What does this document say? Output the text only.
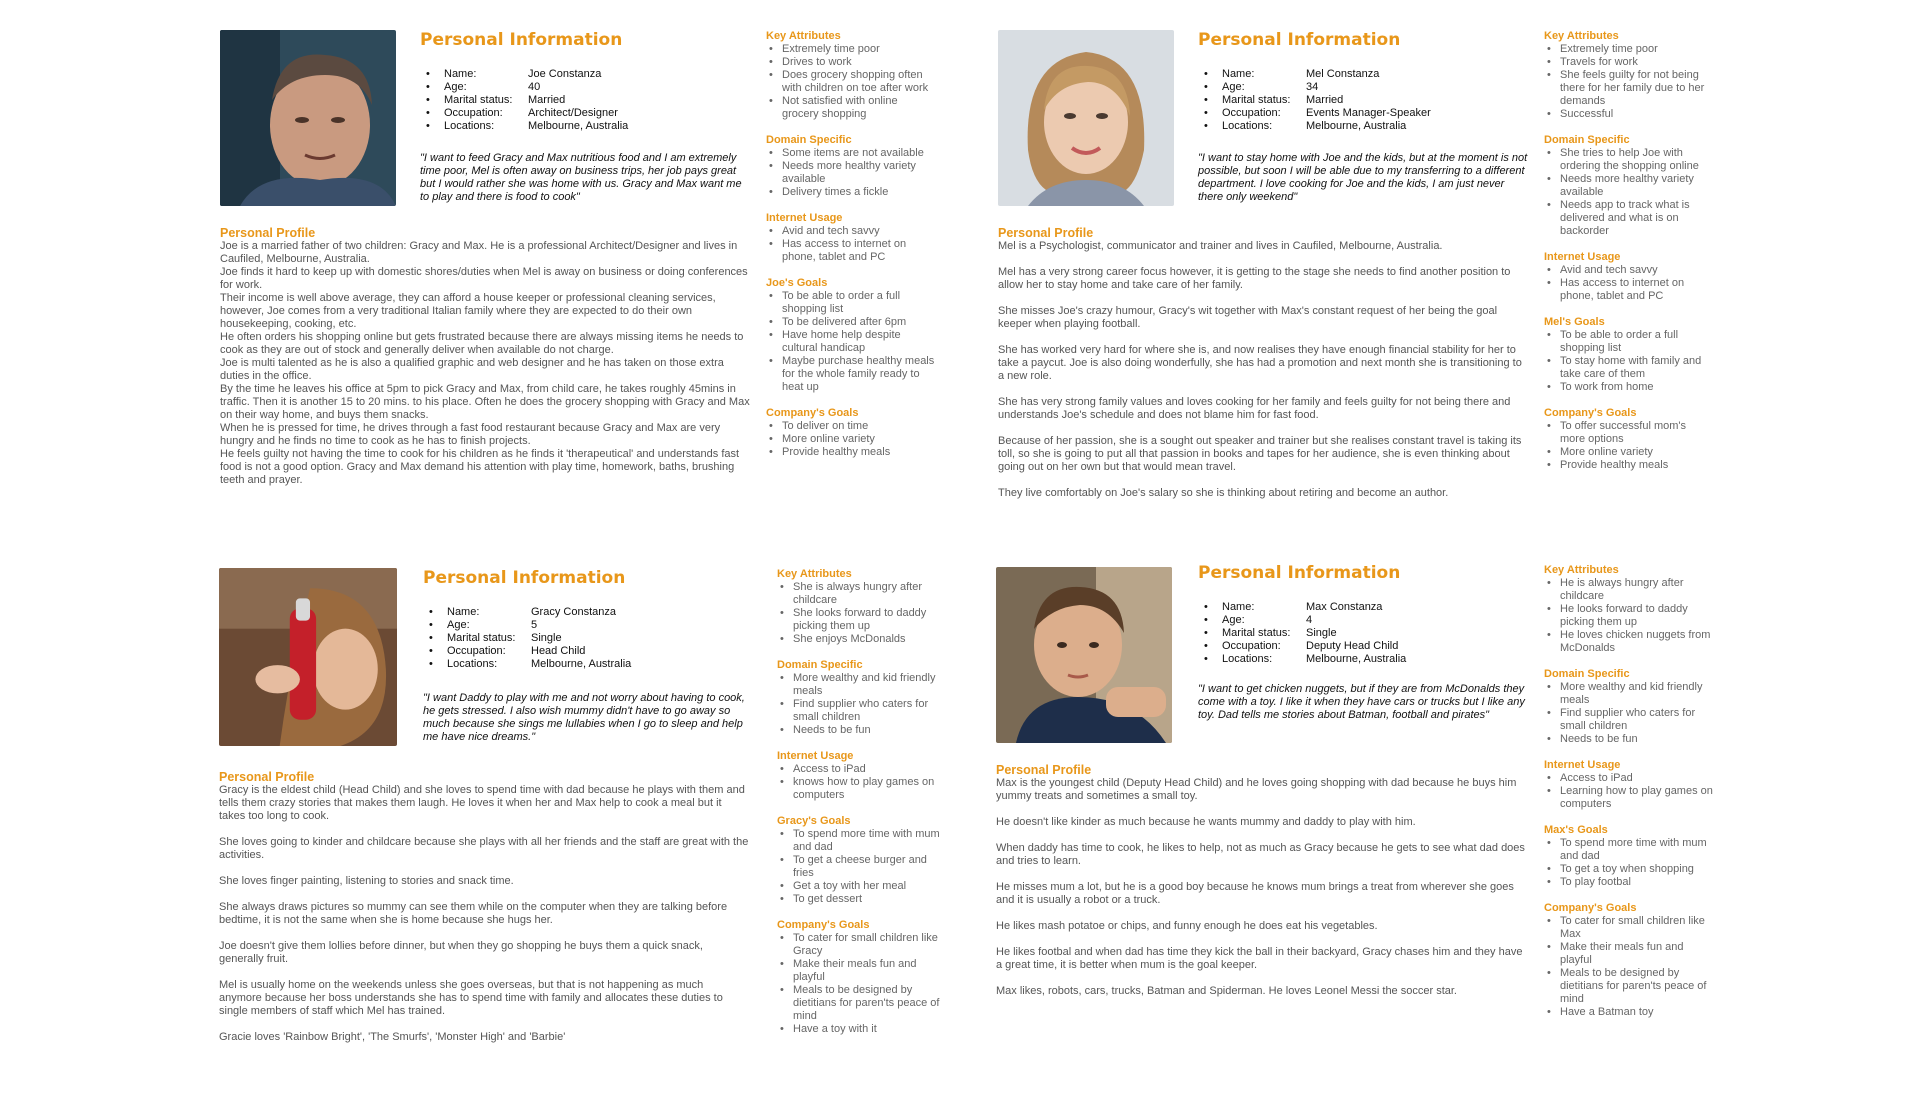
Personal Information
• Name:	Joe Constanza
• Age:	40
• Marital status: Married
• Occupation: Architect/Designer
• Locations:	Melbourne, Australia

"I want to feed Gracy and Max nutritious food and I am extremely time poor, Mel is often away on business trips, her job pays great but I would rather she was home with us. Gracy and Max want me to play and there is food to cook"

Personal Profile

Joe is a married father of two children: Gracy and Max. He is a professional Architect/Designer and lives in Caufiled, Melbourne, Australia.

Joe finds it hard to keep up with domestic shores/duties when Mel is away on business or doing conferences for work.

Their income is well above average, they can afford a house keeper or professional cleaning services, however, Joe comes from a very traditional Italian family where they are expected to do their own housekeeping, cooking, etc.

He often orders his shopping online but gets frustrated because there are always missing items he needs to cook as they are out of stock and generally deliver when available do not charge.

Joe is multi talented as he is also a qualified graphic and web designer and he has taken on those extra duties in the office.

By the time he leaves his office at 5pm to pick Gracy and Max, from child care, he takes roughly 45mins in traffic. Then it is another 15 to 20 mins. to his place. Often he does the grocery shopping with Gracy and Max on their way home, and buys them snacks.

When he is pressed for time, he drives through a fast food restaurant because Gracy and Max are very hungry and he finds no time to cook as he has to finish projects.

He feels guilty not having the time to cook for his children as he finds it 'therapeutical' and understands fast food is not a good option. Gracy and Max demand his attention with play time, homework, baths, brushing teeth and prayer.

Key Attributes
• Extremely time poor
• Drives to work
• Does grocery shopping often with children on toe after work
• Not satisfied with online grocery shopping
Domain Specific
• Some items are not available
• Needs more healthy variety available
• Delivery times a fickle
Internet Usage
• Avid and tech savvy
• Has access to internet on phone, tablet and PC
Joe's Goals
• To be able to order a full shopping list
• To be delivered after 6pm
• Have home help despite cultural handicap
• Maybe purchase healthy meals for the whole family ready to heat up
Company's Goals
• To deliver on time
• More online variety
• Provide healthy meals
Personal Information
• Name:	Mel Constanza
• Age:	34
• Marital status: Married
• Occupation: Events Manager-Speaker
• Locations:	Melbourne, Australia

"I want to stay home with Joe and the kids, but at the moment is not possible, but soon I will be able due to my transferring to a different department. I love cooking for Joe and the kids, I am just never there only weekend"

Personal Profile

Mel is a Psychologist, communicator and trainer and lives in Caufiled, Melbourne, Australia.

Mel has a very strong career focus however, it is getting to the stage she needs to find another position to allow her to stay home and take care of her family.

She misses Joe's crazy humour, Gracy's wit together with Max's constant request of her being the goal keeper when playing football.

She has worked very hard for where she is, and now realises they have enough financial stability for her to take a paycut. Joe is also doing wonderfully, she has had a promotion and next month she is transitioning to a new role.

She has very strong family values and loves cooking for her family and feels guilty for not being there and understands Joe's schedule and does not blame him for fast food.

Because of her passion, she is a sought out speaker and trainer but she realises constant travel is taking its toll, so she is going to put all that passion in books and tapes for her audience, she is even thinking about going out on her own but that would mean travel.

They live comfortably on Joe's salary so she is thinking about retiring and become an author.

Key Attributes
• Extremely time poor
• Travels for work
• She feels guilty for not being there for her family due to her demands
• Successful
Domain Specific
• She tries to help Joe with ordering the shopping online
• Needs more healthy variety available
• Needs app to track what is delivered and what is on backorder
Internet Usage
• Avid and tech savvy
• Has access to internet on phone, tablet and PC
Mel's Goals
• To be able to order a full shopping list
• To stay home with family and take care of them
• To work from home
Company's Goals
• To offer successful mom's more options
• More online variety
• Provide healthy meals
Personal Information
• Name:	Gracy Constanza
• Age:	5
• Marital status: Single
• Occupation: Head Child
• Locations:	Melbourne, Australia

"I want Daddy to play with me and not worry about having to cook, he gets stressed. I also wish mummy didn't have to go away so much because she sings me lullabies when I go to sleep and help me have nice dreams."

Personal Profile

Gracy is the eldest child (Head Child) and she loves to spend time with dad because he plays with them and tells them crazy stories that makes them laugh. He loves it when her and Max help to cook a meal but it takes too long to cook.

She loves going to kinder and childcare because she plays with all her friends and the staff are great with the activities.

She loves finger painting, listening to stories and snack time.

She always draws pictures so mummy can see them while on the computer when they are talking before bedtime, it is not the same when she is home because she hugs her.

Joe doesn't give them lollies before dinner, but when they go shopping he buys them a quick snack, generally fruit.

Mel is usually home on the weekends unless she goes overseas, but that is not happening as much anymore because her boss understands she has to spend time with family and allocates these duties to single members of staff which Mel has trained.

Gracie loves 'Rainbow Bright', 'The Smurfs', 'Monster High' and 'Barbie'

Key Attributes
• She is always hungry after childcare
• She looks forward to daddy picking them up
• She enjoys McDonalds
Domain Specific
• More wealthy and kid friendly meals
• Find supplier who caters for small children
• Needs to be fun
Internet Usage
• Access to iPad
• knows how to play games on computers
Gracy's Goals
• To spend more time with mum and dad
• To get a cheese burger and fries
• Get a toy with her meal
• To get dessert
Company's Goals
• To cater for small children like Gracy
• Make their meals fun and playful
• Meals to be designed by dietitians for paren'ts peace of mind
• Have a toy with it
Personal Information
• Name:	Max Constanza
• Age:	4
• Marital status: Single
• Occupation: Deputy Head Child
• Locations:	Melbourne, Australia

"I want to get chicken nuggets, but if they are from McDonalds they come with a toy. I like it when they have cars or trucks but I like any toy. Dad tells me stories about Batman, football and pirates"

Personal Profile

Max is the youngest child (Deputy Head Child) and he loves going shopping with dad because he buys him yummy treats and sometimes a small toy.

He doesn't like kinder as much because he wants mummy and daddy to play with him.

When daddy has time to cook, he likes to help, not as much as Gracy because he gets to see what dad does and tries to learn.

He misses mum a lot, but he is a good boy because he knows mum brings a treat from wherever she goes and it is usually a robot or a truck.

He likes mash potatoe or chips, and funny enough he does eat his vegetables.

He likes footbal and when dad has time they kick the ball in their backyard, Gracy chases him and they have a great time, it is better when mum is the goal keeper.

Max likes, robots, cars, trucks, Batman and Spiderman. He loves Leonel Messi the soccer star.

Key Attributes
• He is always hungry after childcare
• He looks forward to daddy picking them up
• He loves chicken nuggets from McDonalds
Domain Specific
• More wealthy and kid friendly meals
• Find supplier who caters for small children
• Needs to be fun
Internet Usage
• Access to iPad
• Learning how to play games on computers
Max's Goals
• To spend more time with mum and dad
• To get a toy when shopping
• To play footbal
Company's Goals
• To cater for small children like Max
• Make their meals fun and playful
• Meals to be designed by dietitians for paren'ts peace of mind
• Have a Batman toy
